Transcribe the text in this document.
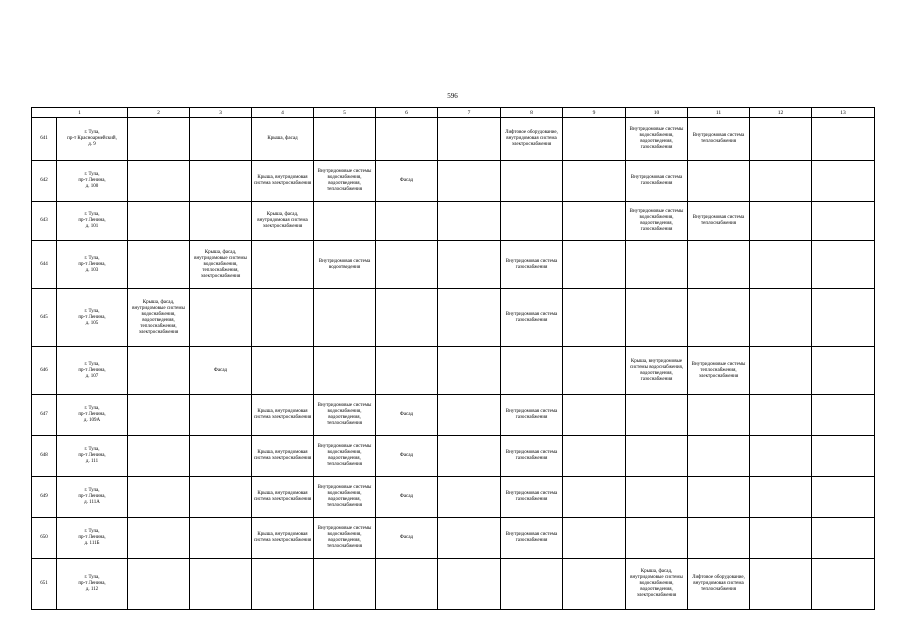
596
1		2	3	4	5	6	7	8	9	10	11	12	13
641	г. Тула,
пр-т Красноармейский,
д. 9			Крыша, фасад				Лифтовое оборудование, внутридомовая система электроснабжения		Внутридомовые системы водоснабжения, водоотведения, газоснабжения	Внутридомовая система теплоснабжения		
642	г. Тула,
пр-т Ленина,
д. 100			Крыша, внутридомовая система электроснабжения	Внутридомовые системы водоснабжения, водоотведения, теплоснабжения	Фасад				Внутридомовая система газоснабжения			
643	г. Тула,
пр-т Ленина,
д. 101			Крыша, фасад, внутридомовая система электроснабжения						Внутридомовые системы водоснабжения, водоотведения, газоснабжения	Внутридомовая система теплоснабжения		
644	г. Тула,
пр-т Ленина,
д. 103		Крыша, фасад, внутридомовые системы водоснабжения, теплоснабжения, электроснабжения		Внутридомовая система водоотведения			Внутридомовая система газоснабжения					
645	г. Тула,
пр-т Ленина,
д. 105	Крыша, фасад, внутридомовые системы водоснабжения, водоотведения, теплоснабжения, электроснабжения						Внутридомовая система газоснабжения					
646	г. Тула,
пр-т Ленина,
д. 107		Фасад							Крыша, внутридомовые системы водоснабжения, водоотведения, газоснабжения	Внутридомовые системы теплоснабжения, электроснабжения		
647	г. Тула,
пр-т Ленина,
д. 109А			Крыша, внутридомовая система электроснабжения	Внутридомовые системы водоснабжения, водоотведения, теплоснабжения	Фасад		Внутридомовая система газоснабжения					
648	г. Тула,
пр-т Ленина,
д. 111			Крыша, внутридомовая система электроснабжения	Внутридомовые системы водоснабжения, водоотведения, теплоснабжения	Фасад		Внутридомовая система газоснабжения					
649	г. Тула,
пр-т Ленина,
д. 111А			Крыша, внутридомовая система электроснабжения	Внутридомовые системы водоснабжения, водоотведения, теплоснабжения	Фасад		Внутридомовая система газоснабжения					
650	г. Тула,
пр-т Ленина,
д. 111Б			Крыша, внутридомовая система электроснабжения	Внутридомовые системы водоснабжения, водоотведения, теплоснабжения	Фасад		Внутридомовая система газоснабжения					
651	г. Тула,
пр-т Ленина,
д. 112									Крыша, фасад, внутридомовые системы водоснабжения, водоотведения, электроснабжения	Лифтовое оборудование, внутридомовая система теплоснабжения		
